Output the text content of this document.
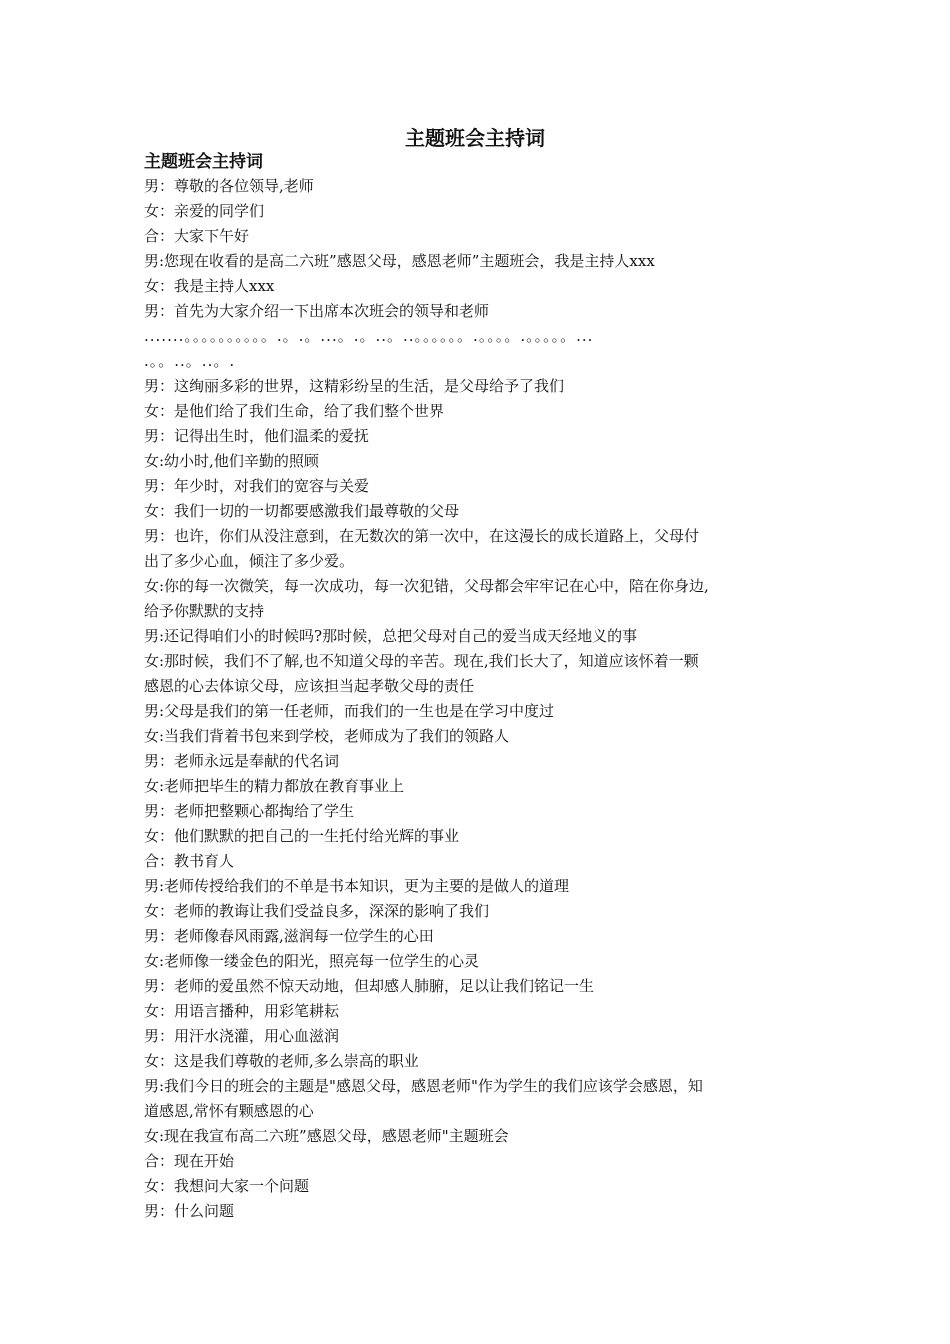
主题班会主持词

主题班会主持词

男：尊敬的各位领导,老师

女：亲爱的同学们

合：大家下午好

男:您现在收看的是高二六班”感恩父母，感恩老师”主题班会，我是主持人xxx

女：我是主持人xxx

男：首先为大家介绍一下出席本次班会的领导和老师

.......。。。。。。。。。。.。.。...。.。..。..。。。。。。.。。。。.。。。。。...

.。。..。..。.

男：这绚丽多彩的世界，这精彩纷呈的生活，是父母给予了我们

女：是他们给了我们生命，给了我们整个世界

男：记得出生时，他们温柔的爱抚

女:幼小时,他们辛勤的照顾

男：年少时，对我们的宽容与关爱

女：我们一切的一切都要感激我们最尊敬的父母

男：也许，你们从没注意到，在无数次的第一次中，在这漫长的成长道路上，父母付

出了多少心血，倾注了多少爱。

女:你的每一次微笑，每一次成功，每一次犯错，父母都会牢牢记在心中，陪在你身边,

给予你默默的支持

男:还记得咱们小的时候吗?那时候，总把父母对自己的爱当成天经地义的事

女:那时候，我们不了解,也不知道父母的辛苦。现在,我们长大了，知道应该怀着一颗

感恩的心去体谅父母，应该担当起孝敬父母的责任

男:父母是我们的第一任老师，而我们的一生也是在学习中度过

女:当我们背着书包来到学校，老师成为了我们的领路人

男：老师永远是奉献的代名词

女:老师把毕生的精力都放在教育事业上

男：老师把整颗心都掏给了学生

女：他们默默的把自己的一生托付给光辉的事业

合：教书育人

男:老师传授给我们的不单是书本知识，更为主要的是做人的道理

女：老师的教诲让我们受益良多，深深的影响了我们

男：老师像春风雨露,滋润每一位学生的心田

女:老师像一缕金色的阳光，照亮每一位学生的心灵

男：老师的爱虽然不惊天动地，但却感人肺腑，足以让我们铭记一生

女：用语言播种，用彩笔耕耘

男：用汗水浇灌，用心血滋润

女：这是我们尊敬的老师,多么崇高的职业

男:我们今日的班会的主题是"感恩父母，感恩老师"作为学生的我们应该学会感恩，知

道感恩,常怀有颗感恩的心

女:现在我宣布高二六班”感恩父母，感恩老师"主题班会

合：现在开始

女：我想问大家一个问题

男：什么问题
